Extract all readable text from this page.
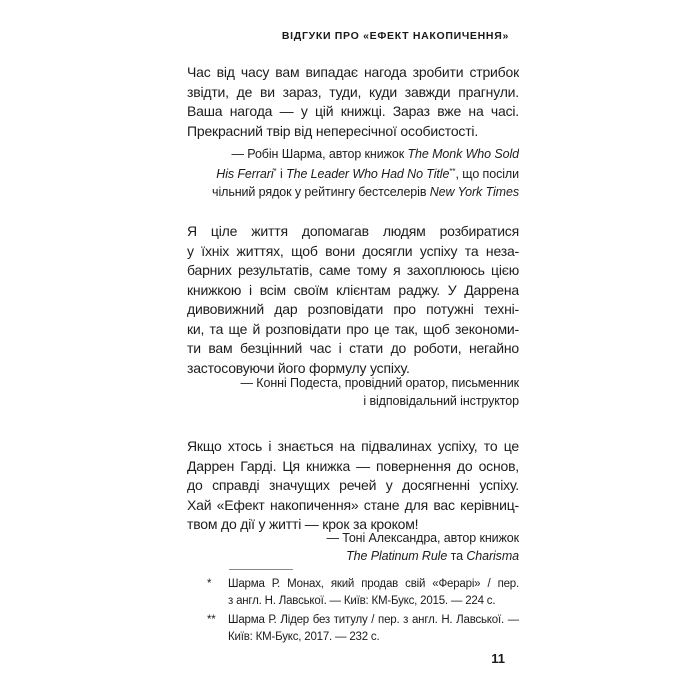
ВІДГУКИ ПРО «ЕФЕКТ НАКОПИЧЕННЯ»
Час від часу вам випадає нагода зробити стрибок
звідти, де ви зараз, туди, куди завжди прагнули.
Ваша нагода — у цій книжці. Зараз вже на часі.
Прекрасний твір від непересічної особистості.
— Робін Шарма, автор книжок The Monk Who Sold
His Ferrari* і The Leader Who Had No Title**, що посіли
чільний рядок у рейтингу бестселерів New York Times
Я ціле життя допомагав людям розбиратися
у їхніх життях, щоб вони досягли успіху та неза-
барних результатів, саме тому я захоплююсь цією
книжкою і всім своїм клієнтам раджу. У Даррена
дивовижний дар розповідати про потужні техні-
ки, та ще й розповідати про це так, щоб зекономи-
ти вам безцінний час і стати до роботи, негайно
застосовуючи його формулу успіху.
— Конні Подеста, провідний оратор, письменник
і відповідальний інструктор
Якщо хтось і знається на підвалинах успіху, то це
Даррен Гарді. Ця книжка — повернення до основ,
до справді значущих речей у досягненні успіху.
Хай «Ефект накопичення» стане для вас керівниц-
твом до дії у житті — крок за кроком!
— Тоні Александра, автор книжок
The Platinum Rule та Charisma
*	Шарма Р. Монах, який продав свій «Ферарі» / пер.
з англ. Н. Лавської. — Київ: КМ-Букс, 2015. — 224 с.
**	Шарма Р. Лідер без титулу / пер. з англ. Н. Лавської. —
Київ: КМ-Букс, 2017. — 232 с.
11
